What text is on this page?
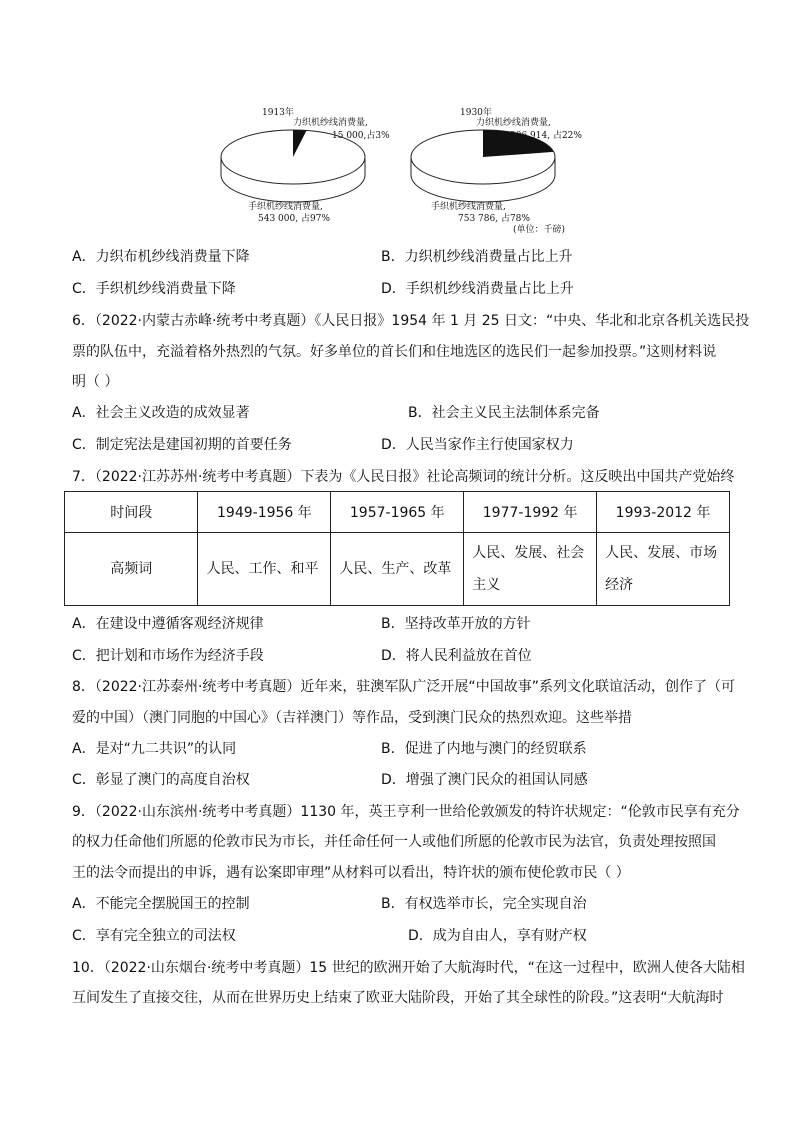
1913年
力织机纱线消费量,
15 000,占3%
手织机纱线消费量,
543 000, 占97%
1930年
力织机纱线消费量,
206 914, 占22%
手织机纱线消费量,
753 786, 占78%
(单位：千磅)
A．力织布机纱线消费量下降	B．力织机纱线消费量占比上升
C．手织机纱线消费量下降	D．手织机纱线消费量占比上升
6．（2022·内蒙古赤峰·统考中考真题）《人民日报》1954 年 1 月 25 日文：“中央、华北和北京各机关选民投
票的队伍中，充溢着格外热烈的气氛。好多单位的首长们和住地选区的选民们一起参加投票。”这则材料说
明（ ）
A．社会主义改造的成效显著	B．社会主义民主法制体系完备
C．制定宪法是建国初期的首要任务	D．人民当家作主行使国家权力
7．（2022·江苏苏州·统考中考真题）下表为《人民日报》社论高频词的统计分析。这反映出中国共产党始终
时间段	1949-1956 年	1957-1965 年	1977-1992 年	1993-2012 年
高频词	人民、工作、和平	人民、生产、改革	人民、发展、社会主义	人民、发展、市场经济
A．在建设中遵循客观经济规律	B．坚持改革开放的方针
C．把计划和市场作为经济手段	D．将人民利益放在首位
8．（2022·江苏泰州·统考中考真题）近年来，驻澳军队广泛开展“中国故事”系列文化联谊活动，创作了（可
爱的中国）（澳门同胞的中国心》（吉祥澳门）等作品，受到澳门民众的热烈欢迎。这些举措
A．是对“九二共识”的认同	B．促进了内地与澳门的经贸联系
C．彰显了澳门的高度自治权	D．增强了澳门民众的祖国认同感
9．（2022·山东滨州·统考中考真题）1130 年，英王亨利一世给伦敦颁发的特许状规定：“伦敦市民享有充分
的权力任命他们所愿的伦敦市民为市长，并任命任何一人或他们所愿的伦敦市民为法官，负责处理按照国
王的法令而提出的申诉，遇有讼案即审理”从材料可以看出，特许状的颁布使伦敦市民（ ）
A．不能完全摆脱国王的控制	B．有权选举市长，完全实现自治
C．享有完全独立的司法权	D．成为自由人，享有财产权
10．（2022·山东烟台·统考中考真题）15 世纪的欧洲开始了大航海时代，“在这一过程中，欧洲人使各大陆相
互间发生了直接交往，从而在世界历史上结束了欧亚大陆阶段，开始了其全球性的阶段。”这表明“大航海时
